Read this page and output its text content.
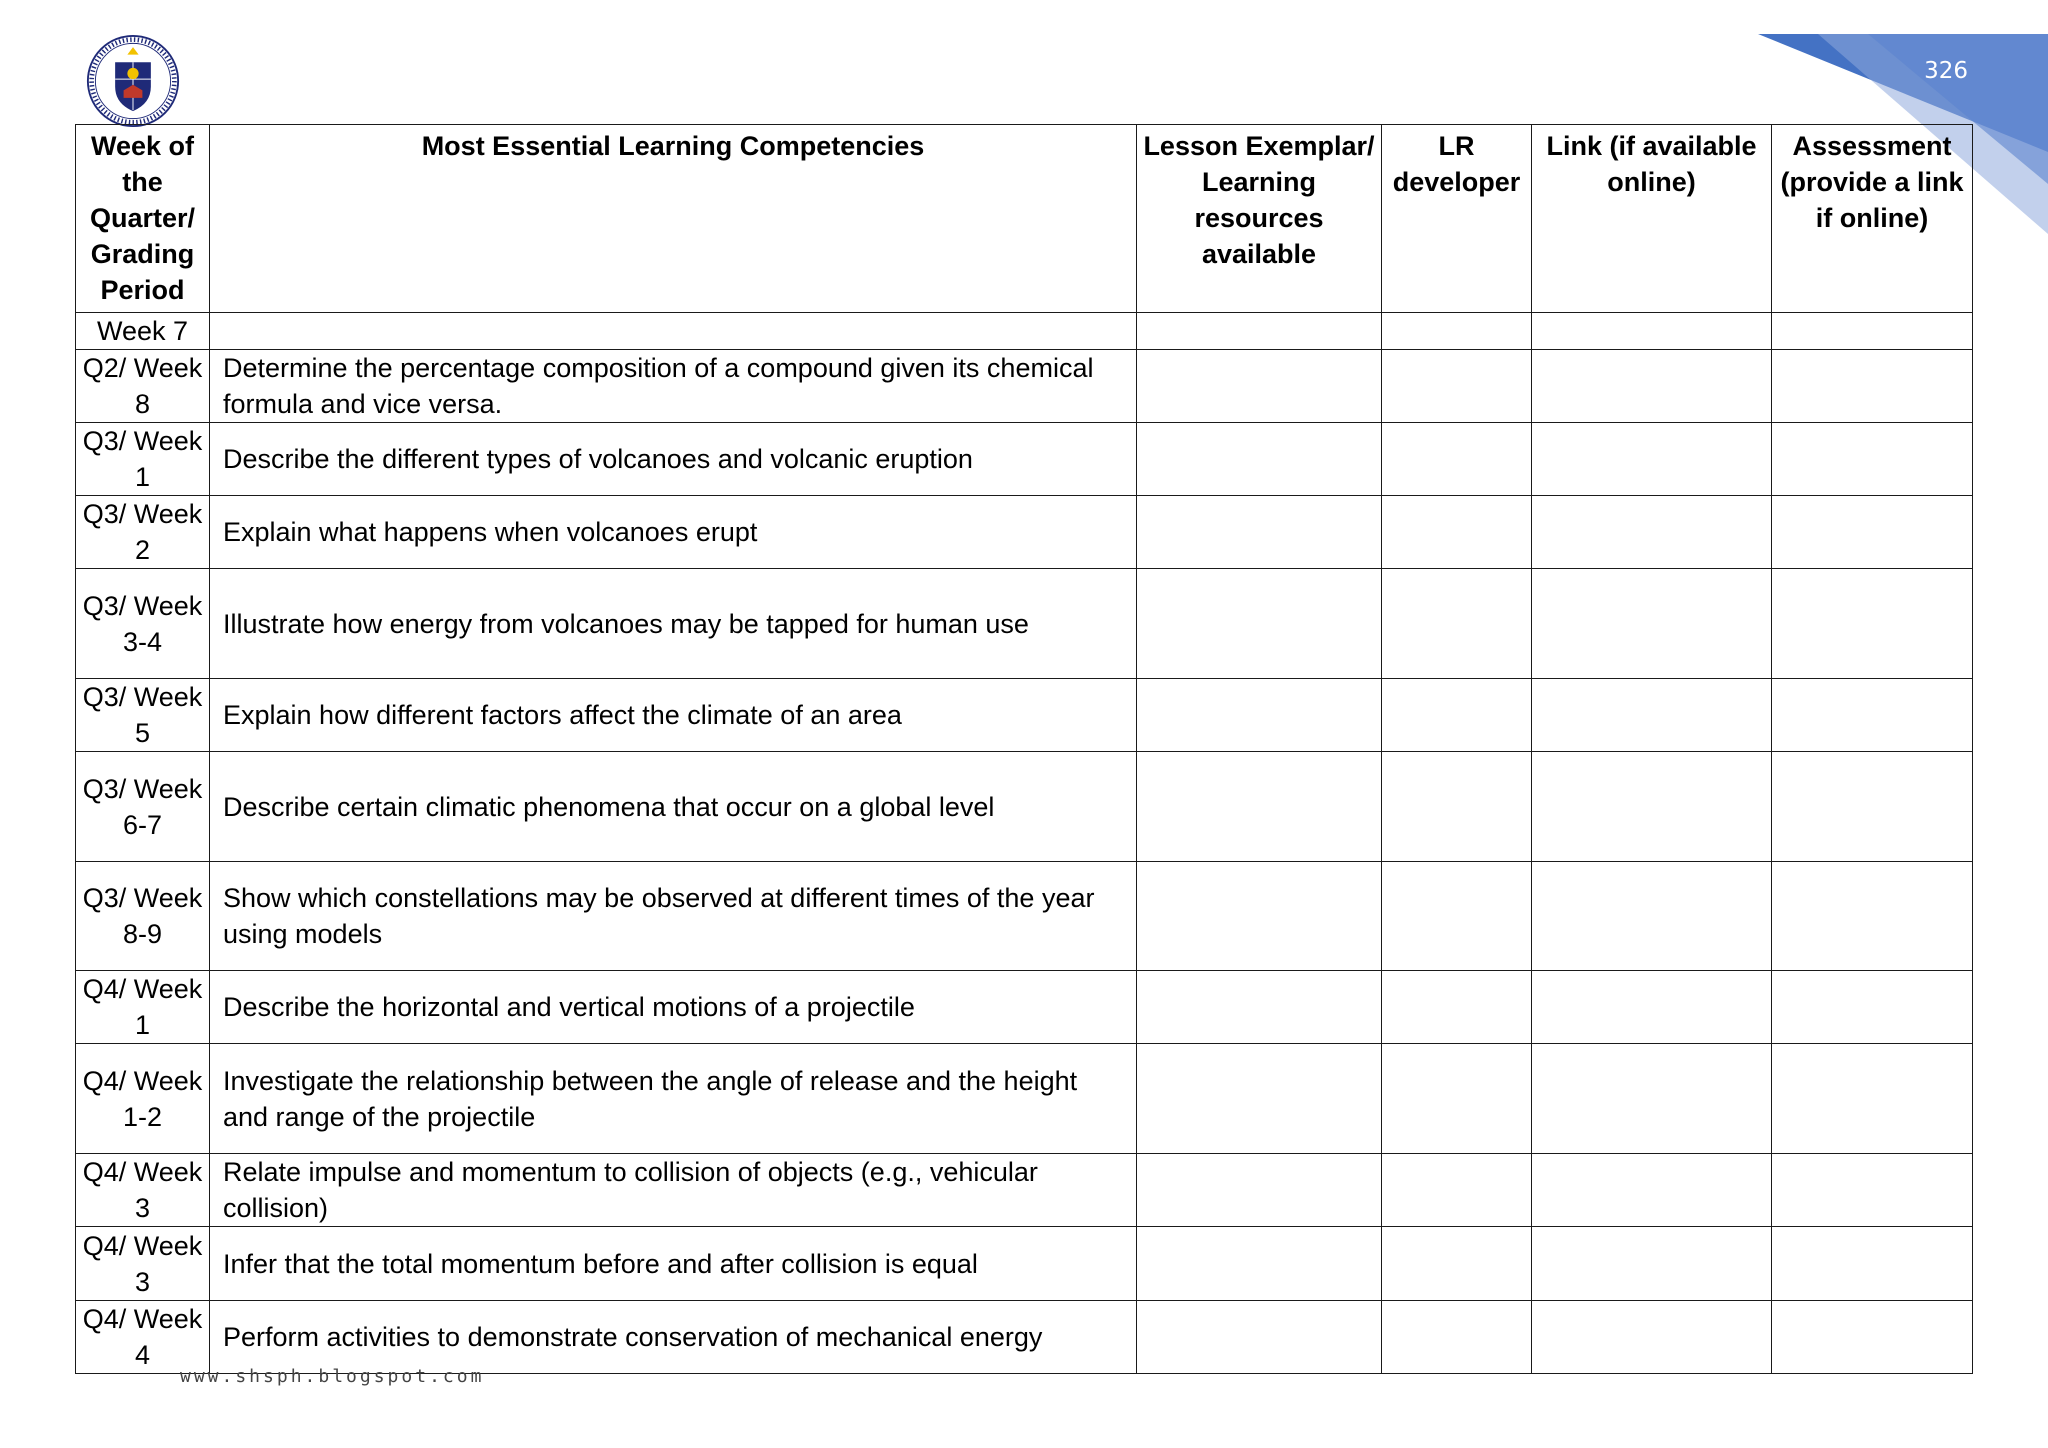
326
Week of the Quarter/ Grading Period	Most Essential Learning Competencies	Lesson Exemplar/ Learning resources available	LR developer	Link (if available online)	Assessment (provide a link if online)
Week 7					
Q2/ Week 8	Determine the percentage composition of a compound given its chemical formula and vice versa.				
Q3/ Week 1	Describe the different types of volcanoes and volcanic eruption				
Q3/ Week 2	Explain what happens when volcanoes erupt				
Q3/ Week 3-4	Illustrate how energy from volcanoes may be tapped for human use				
Q3/ Week 5	Explain how different factors affect the climate of an area				
Q3/ Week 6-7	Describe certain climatic phenomena that occur on a global level				
Q3/ Week 8-9	Show which constellations may be observed at different times of the year using models				
Q4/ Week 1	Describe the horizontal and vertical motions of a projectile				
Q4/ Week 1-2	Investigate the relationship between the angle of release and the height and range of the projectile				
Q4/ Week 3	Relate impulse and momentum to collision of objects (e.g., vehicular collision)				
Q4/ Week 3	Infer that the total momentum before and after collision is equal				
Q4/ Week 4	Perform activities to demonstrate conservation of mechanical energy				
www.shsph.blogspot.com
